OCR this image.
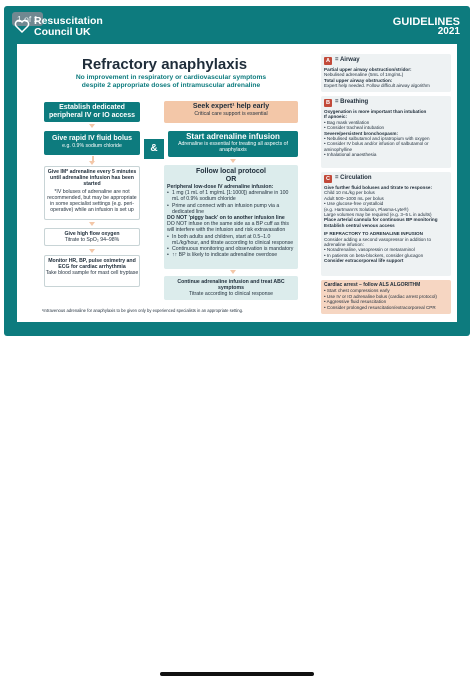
1 of 1
Resuscitation
Council UK
GUIDELINES
2021
Refractory anaphylaxis
No improvement in respiratory or cardiovascular symptoms despite 2 appropriate doses of intramuscular adrenaline
Establish dedicated peripheral IV or IO access
Seek expert¹ help early
Critical care support is essential
Give rapid IV fluid bolus
e.g. 0.9% sodium chloride	&
Start adrenaline infusion
Adrenaline is essential for treating all aspects of anaphylaxis
Give IM* adrenaline every 5 minutes until adrenaline infusion has been started
*IV boluses of adrenaline are not recommended, but may be appropriate in some specialist settings (e.g. peri-operative) while an infusion is set up
Give high flow oxygen
Titrate to SpO₂ 94–98%
Monitor HR, BP, pulse oximetry and ECG for cardiac arrhythmia
Take blood sample for mast cell tryptase
Follow local protocol
OR
Peripheral low-dose IV adrenaline infusion:
• 1 mg (1 mL of 1 mg/mL [1:1000]) adrenaline in 100 mL of 0.9% sodium chloride
• Prime and connect with an infusion pump via a dedicated line
DO NOT 'piggy back' on to another infusion line
DO NOT infuse on the same side as a BP cuff as this will interfere with the infusion and risk extravasation
• In both adults and children, start at 0.5–1.0 mL/kg/hour, and titrate according to clinical response
• Continuous monitoring and observation is mandatory
• ↑↑ BP is likely to indicate adrenaline overdose
Continue adrenaline infusion and treat ABC symptoms
Titrate according to clinical response
¹Intravenous adrenaline for anaphylaxis to be given only by experienced specialists in an appropriate setting.
A = Airway

Partial upper airway obstruction/stridor:

Nebulised adrenaline (5mL of 1mg/mL)

Total upper airway obstruction:

Expert help needed. Follow difficult airway algorithm

B = Breathing

Oxygenation is more important than intubation

If apnoeic:

• Bag mask ventilation

• Consider tracheal intubation

Severe/persistent bronchospasm:

• Nebulised salbutamol and ipratropium with oxygen

• Consider IV bolus and/or infusion of salbutamol or aminophylline

• Inhalational anaesthesia

C = Circulation

Give further fluid boluses and titrate to response:

Child 10 mL/kg per bolus

Adult 500–1000 mL per bolus

• Use glucose-free crystalloid

(e.g. Hartmann's Solution, Plasma-Lyte®)

Large volumes may be required (e.g. 3–5 L in adults)

Place arterial cannula for continuous BP monitoring

Establish central venous access

IF REFRACTORY TO ADRENALINE INFUSION

Consider adding a second vasopressor in addition to adrenaline infusion:

• Noradrenaline, vasopressin or metaraminol

• In patients on beta-blockers, consider glucagon

Consider extracorporeal life support

Cardiac arrest – follow ALS ALGORITHM

• Start chest compressions early

• Use IV or IO adrenaline bolus (cardiac arrest protocol)

• Aggressive fluid resuscitation

• Consider prolonged resuscitation/extracorporeal CPR
